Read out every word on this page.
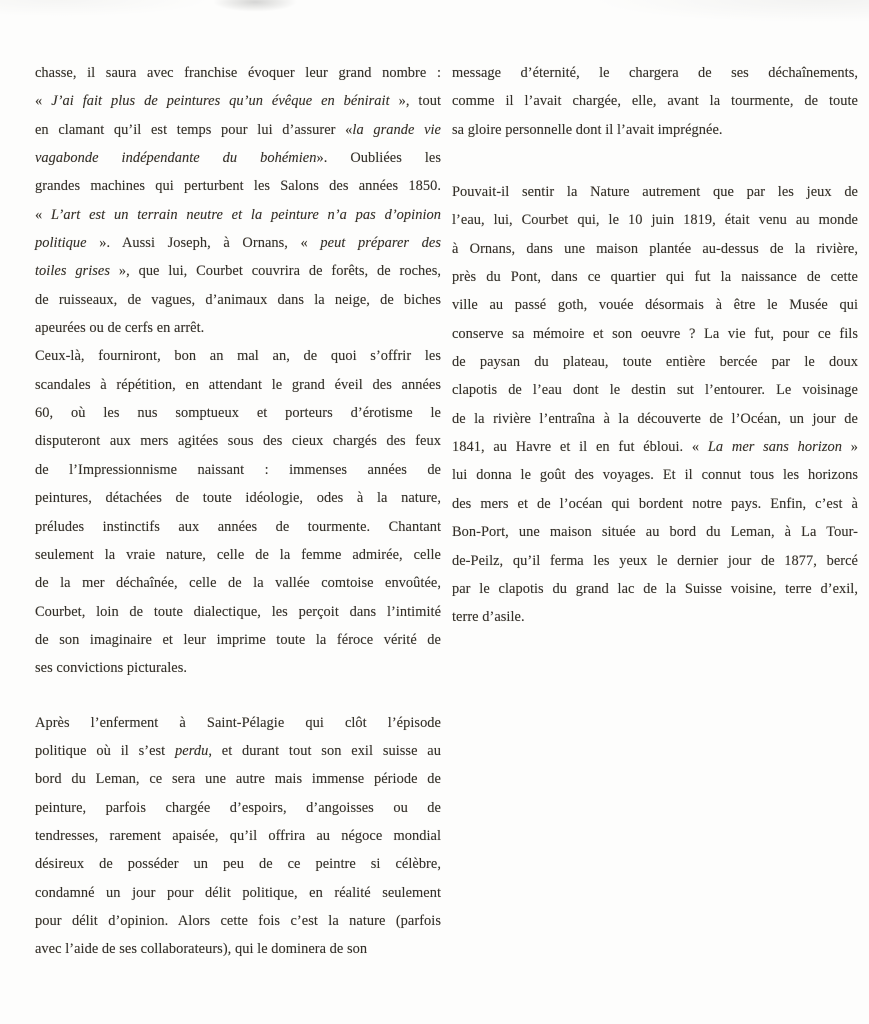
chasse, il saura avec franchise évoquer leur grand nombre :
« J’ai fait plus de peintures qu’un évêque en bénirait », tout
en clamant qu’il est temps pour lui d’assurer «la grande vie
vagabonde indépendante du bohémien». Oubliées les
grandes machines qui perturbent les Salons des années 1850.
« L’art est un terrain neutre et la peinture n’a pas d’opinion
politique ». Aussi Joseph, à Ornans, « peut préparer des
toiles grises », que lui, Courbet couvrira de forêts, de roches,
de ruisseaux, de vagues, d’animaux dans la neige, de biches
apeurées ou de cerfs en arrêt.
Ceux-là, fourniront, bon an mal an, de quoi s’offrir les
scandales à répétition, en attendant le grand éveil des années
60, où les nus somptueux et porteurs d’érotisme le
disputeront aux mers agitées sous des cieux chargés des feux
de l’Impressionnisme naissant : immenses années de
peintures, détachées de toute idéologie, odes à la nature,
préludes instinctifs aux années de tourmente. Chantant
seulement la vraie nature, celle de la femme admirée, celle
de la mer déchaînée, celle de la vallée comtoise envoûtée,
Courbet, loin de toute dialectique, les perçoit dans l’intimité
de son imaginaire et leur imprime toute la féroce vérité de
ses convictions picturales.
Après l’enferment à Saint-Pélagie qui clôt l’épisode
politique où il s’est perdu, et durant tout son exil suisse au
bord du Leman, ce sera une autre mais immense période de
peinture, parfois chargée d’espoirs, d’angoisses ou de
tendresses, rarement apaisée, qu’il offrira au négoce mondial
désireux de posséder un peu de ce peintre si célèbre,
condamné un jour pour délit politique, en réalité seulement
pour délit d’opinion. Alors cette fois c’est la nature (parfois
avec l’aide de ses collaborateurs), qui le dominera de son
message d’éternité, le chargera de ses déchaînements,
comme il l’avait chargée, elle, avant la tourmente, de toute
sa gloire personnelle dont il l’avait imprégnée.
Pouvait-il sentir la Nature autrement que par les jeux de
l’eau, lui, Courbet qui, le 10 juin 1819, était venu au monde
à Ornans, dans une maison plantée au-dessus de la rivière,
près du Pont, dans ce quartier qui fut la naissance de cette
ville au passé goth, vouée désormais à être le Musée qui
conserve sa mémoire et son oeuvre ? La vie fut, pour ce fils
de paysan du plateau, toute entière bercée par le doux
clapotis de l’eau dont le destin sut l’entourer. Le voisinage
de la rivière l’entraîna à la découverte de l’Océan, un jour de
1841, au Havre et il en fut ébloui. « La mer sans horizon »
lui donna le goût des voyages. Et il connut tous les horizons
des mers et de l’océan qui bordent notre pays. Enfin, c’est à
Bon-Port, une maison située au bord du Leman, à La Tour-
de-Peilz, qu’il ferma les yeux le dernier jour de 1877, bercé
par le clapotis du grand lac de la Suisse voisine, terre d’exil,
terre d’asile.
